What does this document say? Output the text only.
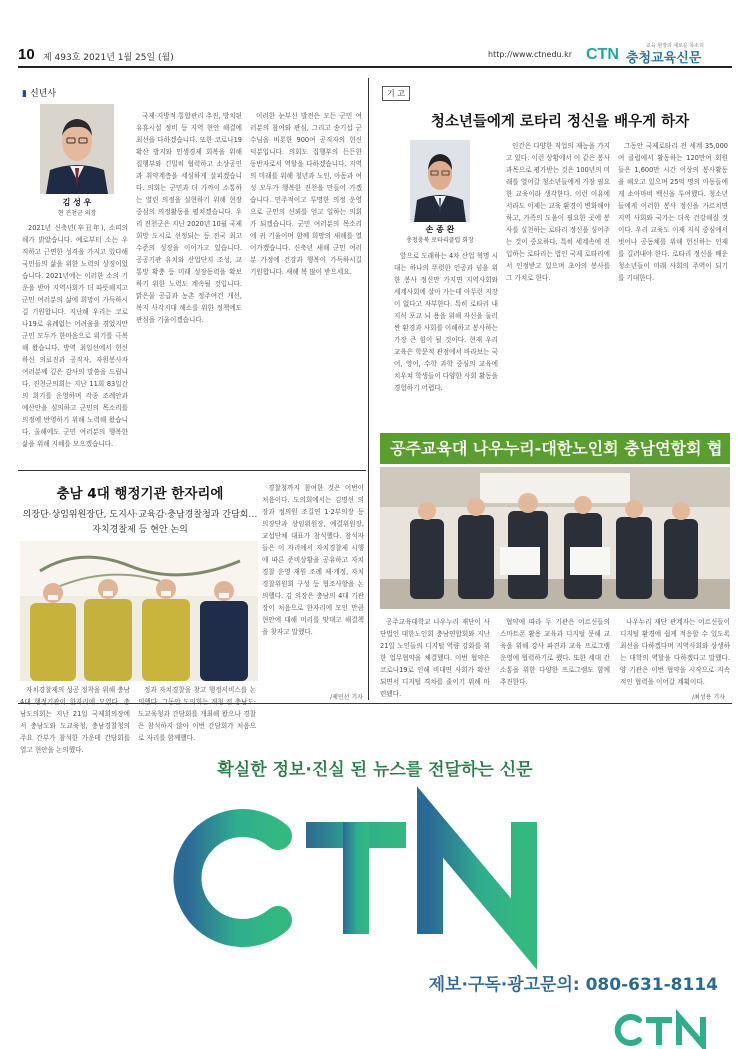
10 제 493호 2021년 1월 25일 (월)	http://www.ctnedu.kr
교육 현장의 새로운 목소리
CTN 충청교육신문
▮ 신년사
김 성 우
현 진천군 의장

2021년 신축년(辛丑年), 소띠의 해가 밝았습니다. 예로부터 소는 우직하고 근면한 성격을 가지고 있다해 국민들의 삶을 위한 노력의 상징이었습니다. 2021년에는 이러한 소의 기운을 받아 지역사회가 더 따뜻해지고 군민 여러분의 삶에 희망이 가득하시길 기원합니다. 지난해 우리는 코로나19로 유례없는 어려움을 겪었지만 군민 모두가 한마음으로 위기를 극복해 왔습니다. 방역 최일선에서 헌신하신 의료진과 공직자, 자원봉사자 여러분께 깊은 감사의 말씀을 드립니다. 진천군의회는 지난 11회 83일간의 회기를 운영하며 각종 조례안과 예산안을 심의하고 군민의 목소리를 의정에 반영하기 위해 노력해 왔습니다. 올해에도 군민 여러분의 행복한 삶을 위해 지혜를 모으겠습니다.

국제·지방적 통합관리 추진, 방치된 유휴시설 정비 등 지역 현안 해결에 최선을 다하겠습니다. 또한 코로나19 확산 방지와 민생경제 회복을 위해 집행부와 긴밀히 협력하고 소상공인과 취약계층을 세심하게 살피겠습니다. 의회는 군민과 더 가까이 소통하는 열린 의정을 실현하기 위해 현장 중심의 의정활동을 펼치겠습니다. 우리 진천군은 지난 2020년 10월 국제 희망 도시로 선정되는 등 전국 최고 수준의 성장을 이어가고 있습니다. 공공기관 유치와 산업단지 조성, 교통망 확충 등 미래 성장동력을 확보하기 위한 노력도 계속될 것입니다. 맑은물 공급과 농촌 정주여건 개선, 복지 사각지대 해소를 위한 정책에도 관심을 기울이겠습니다.

이러한 눈부신 발전은 모든 군민 여러분의 참여와 관심, 그리고 송기섭 군수님을 비롯한 900여 공직자의 헌신 덕분입니다. 의회도 집행부의 든든한 동반자로서 역할을 다하겠습니다. 지역의 미래를 위해 청년과 노인, 아동과 여성 모두가 행복한 진천을 만들어 가겠습니다. 민주적이고 투명한 의정 운영으로 군민의 신뢰를 얻고 일하는 의회가 되겠습니다. 군민 여러분의 목소리에 귀 기울이며 함께 희망의 새해를 열어가겠습니다. 신축년 새해 군민 여러분 가정에 건강과 행복이 가득하시길 기원합니다. 새해 복 많이 받으세요.

기 고
청소년들에게 로타리 정신을 배우게 하자
손 종 완
충청충북 로타리클럽 회장

앞으로 도래하는 4차 산업 혁명 시대는 하나의 뚜렷한 인공과 넘을 위한 봉사 정신만 가지면 지역사회와 세계사회에 살아 가는데 아무런 지장이 없다고 자부한다. 특히 로타리 내 지식 포교 뇌 용을 위해 자신을 둘러싼 환경과 사회를 이해하고 봉사하는 가장 큰 힘이 될 것이다. 현재 우리 교육은 학문적 관점에서 바라보는 국어, 영어, 수학 과학 중심의 교육에 치우쳐 학생들이 다양한 사회 활동을 경험하기 어렵다.

인간은 다양한 직업의 재능을 가지고 있다. 이런 상황에서 이 같은 봉사 과목으로 평가받는 것은 100년의 미래를 열어갈 청소년들에게 가장 필요한 교육이라 생각한다. 이런 이유에서라도 이제는 교육 환경이 변화해야 하고, 가족의 도움이 필요한 곳에 봉사를 실천하는 로타리 정신을 심어주는 것이 중요하다. 특히 세계속에 진입하는 로타리는 법인 국제 로타리에서 인정받고 있으며 초아의 봉사를 그 가치로 한다.

그동안 국제로타리 전 세계 35,000여 클럽에서 활동하는 120만여 회원들은 1,600만 시간 이상의 봉사활동을 해오고 있으며 25억 명의 아동들에게 소아마비 백신을 투여했다. 청소년들에게 이러한 봉사 정신을 가르치면 지역 사회와 국가는 더욱 건강해질 것이다. 우리 교육도 이제 지식 중심에서 벗어나 공동체를 위해 헌신하는 인재를 길러내야 한다. 로타리 정신을 배운 청소년들이 미래 사회의 주역이 되기를 기대한다.

공주교육대 나우누리-대한노인회 충남연합회 협

공주교육대학교 나우누리 재단이 사단법인 대한노인회 충남연합회와 지난 21일 노인들의 디지털 역량 강화를 위한 업무협약을 체결했다. 이번 협약은 코로나19로 인해 비대면 사회가 확산되면서 디지털 격차를 줄이기 위해 마련됐다.

협약에 따라 두 기관은 어르신들의 스마트폰 활용 교육과 디지털 문해 교육을 위해 강사 파견과 교육 프로그램 운영에 협력하기로 했다. 또한 세대 간 소통을 위한 다양한 프로그램도 함께 추진한다.

나우누리 재단 관계자는 어르신들이 디지털 환경에 쉽게 적응할 수 있도록 최선을 다하겠다며 지역사회와 상생하는 대학의 역할을 다하겠다고 말했다. 양 기관은 이번 협약을 시작으로 지속적인 협력을 이어갈 계획이다.

/최성용 기자
충남 4대 행정기관 한자리에
의장단·상임위원장단, 도지사·교육감·충남경찰청과 간담회…
자치경찰제 등 현안 논의

자치경찰제의 성공 정착을 위해 충남 4대 행정기관이 한자리에 모였다. 충남도의회는 지난 21일 국제회의장에서 충남도와 도교육청, 충남경찰청의 주요 간부가 참석한 가운데 간담회를 열고 현안을 논의했다.

정과 자치경찰을 찾고 행정서비스를 논의했다. 그동안 도의회는 개청 전 충남도·도교육청과 간담회를 개최해 왔으나 경찰은 참석하지 않아 이번 간담회가 처음으로 자리를 함께했다.

경찰청까지 참여한 것은 이번이 처음이다. 도의회에서는 김명선 의장과 정의원 조길연 1·2부의장 등 의장단과 상임위원장, 예결위원장, 교섭단체 대표가 참석했다. 참석자들은 이 자리에서 자치경찰제 시행에 따른 준비상황을 공유하고 자치경찰 운영 재원 조례 제·개정, 자치경찰위원회 구성 등 협조사항을 논의했다. 김 의장은 충남의 4대 기관장이 처음으로 한자리에 모인 만큼 현안에 대해 머리를 맞대고 해결책을 찾자고 말했다.

/제민선 기자
확실한 정보·진실 된 뉴스를 전달하는 신문
제보·구독·광고문의: 080-631-8114
